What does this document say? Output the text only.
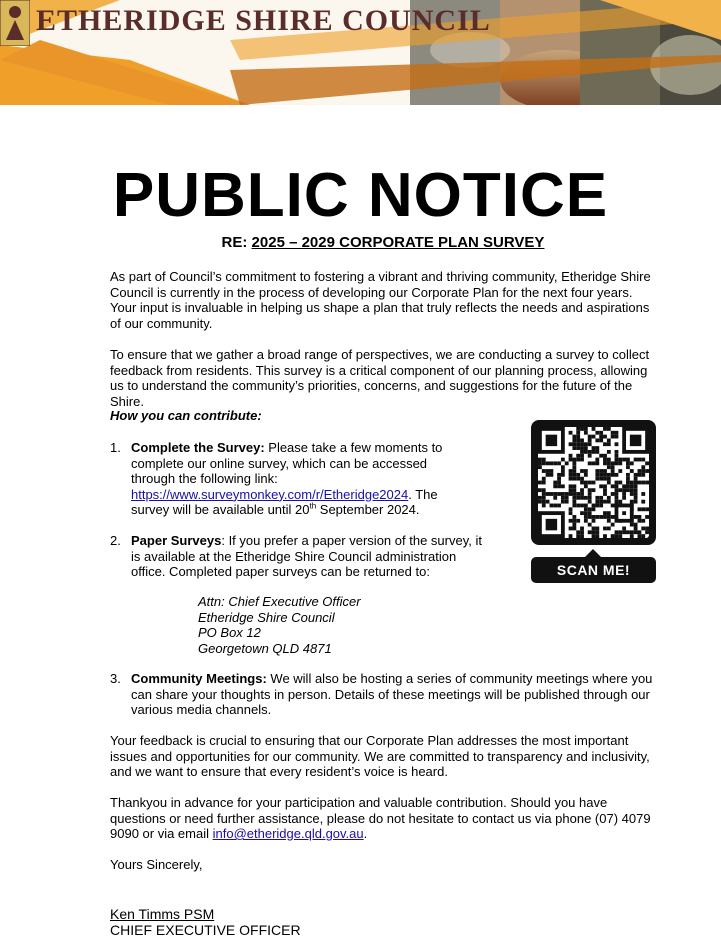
ETHERIDGE SHIRE COUNCIL
PUBLIC NOTICE
RE: 2025 – 2029 CORPORATE PLAN SURVEY
As part of Council’s commitment to fostering a vibrant and thriving community, Etheridge Shire Council is currently in the process of developing our Corporate Plan for the next four years. Your input is invaluable in helping us shape a plan that truly reflects the needs and aspirations of our community.
To ensure that we gather a broad range of perspectives, we are conducting a survey to collect feedback from residents. This survey is a critical component of our planning process, allowing us to understand the community’s priorities, concerns, and suggestions for the future of the Shire.
How you can contribute:
1. Complete the Survey: Please take a few moments to complete our online survey, which can be accessed through the following link:
https://www.surveymonkey.com/r/Etheridge2024. The survey will be available until 20th September 2024.
2. Paper Surveys: If you prefer a paper version of the survey, it is available at the Etheridge Shire Council administration office. Completed paper surveys can be returned to:
Attn: Chief Executive Officer
Etheridge Shire Council
PO Box 12
Georgetown QLD 4871
3. Community Meetings: We will also be hosting a series of community meetings where you can share your thoughts in person. Details of these meetings will be published through our various media channels.
Your feedback is crucial to ensuring that our Corporate Plan addresses the most important issues and opportunities for our community. We are committed to transparency and inclusivity, and we want to ensure that every resident’s voice is heard.
Thankyou in advance for your participation and valuable contribution. Should you have questions or need further assistance, please do not hesitate to contact us via phone (07) 4079 9090 or via email info@etheridge.qld.gov.au.
Yours Sincerely,
SCAN ME!
Ken Timms PSM
CHIEF EXECUTIVE OFFICER
